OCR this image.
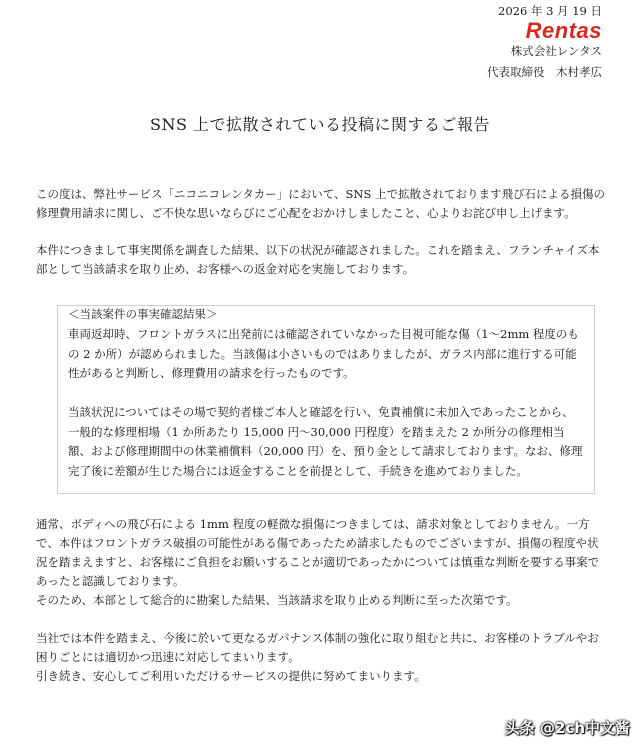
2026 年 3 月 19 日
Rentas
株式会社レンタス
代表取締役　木村孝広
SNS 上で拡散されている投稿に関するご報告
この度は、弊社サービス「ニコニコレンタカー」において、SNS 上で拡散されております飛び石による損傷の修理費用請求に関し、ご不快な思いならびにご心配をおかけしましたこと、心よりお詫び申し上げます。
本件につきまして事実関係を調査した結果、以下の状況が確認されました。これを踏まえ、フランチャイズ本部として当該請求を取り止め、お客様への返金対応を実施しております。
＜当該案件の事実確認結果＞
車両返却時、フロントガラスに出発前には確認されていなかった目視可能な傷（1〜2mm 程度のもの 2 か所）が認められました。当該傷は小さいものではありましたが、ガラス内部に進行する可能性があると判断し、修理費用の請求を行ったものです。
当該状況についてはその場で契約者様ご本人と確認を行い、免責補償に未加入であったことから、一般的な修理相場（1 か所あたり 15,000 円〜30,000 円程度）を踏まえた 2 か所分の修理相当額、および修理期間中の休業補償料（20,000 円）を、預り金として請求しております。なお、修理完了後に差額が生じた場合には返金することを前提として、手続きを進めておりました。
通常、ボディへの飛び石による 1mm 程度の軽微な損傷につきましては、請求対象としておりません。一方で、本件はフロントガラス破損の可能性がある傷であったため請求したものでございますが、損傷の程度や状況を踏まえますと、お客様にご負担をお願いすることが適切であったかについては慎重な判断を要する事案であったと認識しております。
そのため、本部として総合的に勘案した結果、当該請求を取り止める判断に至った次第です。
当社では本件を踏まえ、今後に於いて更なるガバナンス体制の強化に取り組むと共に、お客様のトラブルやお困りごとには適切かつ迅速に対応してまいります。
引き続き、安心してご利用いただけるサービスの提供に努めてまいります。
头条 @2ch中文酱
